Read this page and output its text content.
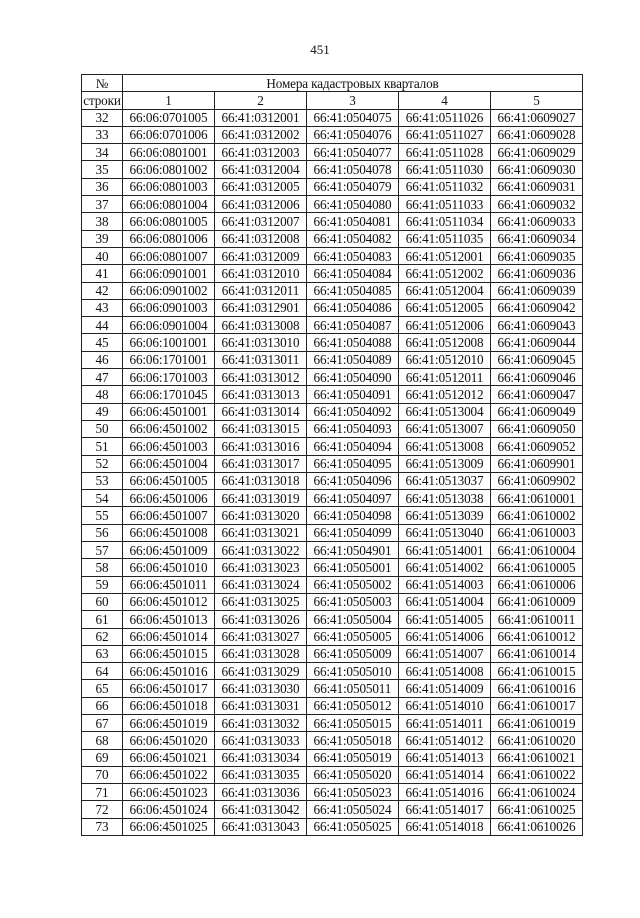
451
№	Номера кадастровых кварталов				
строки	1	2	3	4	5
32	66:06:0701005	66:41:0312001	66:41:0504075	66:41:0511026	66:41:0609027
33	66:06:0701006	66:41:0312002	66:41:0504076	66:41:0511027	66:41:0609028
34	66:06:0801001	66:41:0312003	66:41:0504077	66:41:0511028	66:41:0609029
35	66:06:0801002	66:41:0312004	66:41:0504078	66:41:0511030	66:41:0609030
36	66:06:0801003	66:41:0312005	66:41:0504079	66:41:0511032	66:41:0609031
37	66:06:0801004	66:41:0312006	66:41:0504080	66:41:0511033	66:41:0609032
38	66:06:0801005	66:41:0312007	66:41:0504081	66:41:0511034	66:41:0609033
39	66:06:0801006	66:41:0312008	66:41:0504082	66:41:0511035	66:41:0609034
40	66:06:0801007	66:41:0312009	66:41:0504083	66:41:0512001	66:41:0609035
41	66:06:0901001	66:41:0312010	66:41:0504084	66:41:0512002	66:41:0609036
42	66:06:0901002	66:41:0312011	66:41:0504085	66:41:0512004	66:41:0609039
43	66:06:0901003	66:41:0312901	66:41:0504086	66:41:0512005	66:41:0609042
44	66:06:0901004	66:41:0313008	66:41:0504087	66:41:0512006	66:41:0609043
45	66:06:1001001	66:41:0313010	66:41:0504088	66:41:0512008	66:41:0609044
46	66:06:1701001	66:41:0313011	66:41:0504089	66:41:0512010	66:41:0609045
47	66:06:1701003	66:41:0313012	66:41:0504090	66:41:0512011	66:41:0609046
48	66:06:1701045	66:41:0313013	66:41:0504091	66:41:0512012	66:41:0609047
49	66:06:4501001	66:41:0313014	66:41:0504092	66:41:0513004	66:41:0609049
50	66:06:4501002	66:41:0313015	66:41:0504093	66:41:0513007	66:41:0609050
51	66:06:4501003	66:41:0313016	66:41:0504094	66:41:0513008	66:41:0609052
52	66:06:4501004	66:41:0313017	66:41:0504095	66:41:0513009	66:41:0609901
53	66:06:4501005	66:41:0313018	66:41:0504096	66:41:0513037	66:41:0609902
54	66:06:4501006	66:41:0313019	66:41:0504097	66:41:0513038	66:41:0610001
55	66:06:4501007	66:41:0313020	66:41:0504098	66:41:0513039	66:41:0610002
56	66:06:4501008	66:41:0313021	66:41:0504099	66:41:0513040	66:41:0610003
57	66:06:4501009	66:41:0313022	66:41:0504901	66:41:0514001	66:41:0610004
58	66:06:4501010	66:41:0313023	66:41:0505001	66:41:0514002	66:41:0610005
59	66:06:4501011	66:41:0313024	66:41:0505002	66:41:0514003	66:41:0610006
60	66:06:4501012	66:41:0313025	66:41:0505003	66:41:0514004	66:41:0610009
61	66:06:4501013	66:41:0313026	66:41:0505004	66:41:0514005	66:41:0610011
62	66:06:4501014	66:41:0313027	66:41:0505005	66:41:0514006	66:41:0610012
63	66:06:4501015	66:41:0313028	66:41:0505009	66:41:0514007	66:41:0610014
64	66:06:4501016	66:41:0313029	66:41:0505010	66:41:0514008	66:41:0610015
65	66:06:4501017	66:41:0313030	66:41:0505011	66:41:0514009	66:41:0610016
66	66:06:4501018	66:41:0313031	66:41:0505012	66:41:0514010	66:41:0610017
67	66:06:4501019	66:41:0313032	66:41:0505015	66:41:0514011	66:41:0610019
68	66:06:4501020	66:41:0313033	66:41:0505018	66:41:0514012	66:41:0610020
69	66:06:4501021	66:41:0313034	66:41:0505019	66:41:0514013	66:41:0610021
70	66:06:4501022	66:41:0313035	66:41:0505020	66:41:0514014	66:41:0610022
71	66:06:4501023	66:41:0313036	66:41:0505023	66:41:0514016	66:41:0610024
72	66:06:4501024	66:41:0313042	66:41:0505024	66:41:0514017	66:41:0610025
73	66:06:4501025	66:41:0313043	66:41:0505025	66:41:0514018	66:41:0610026
